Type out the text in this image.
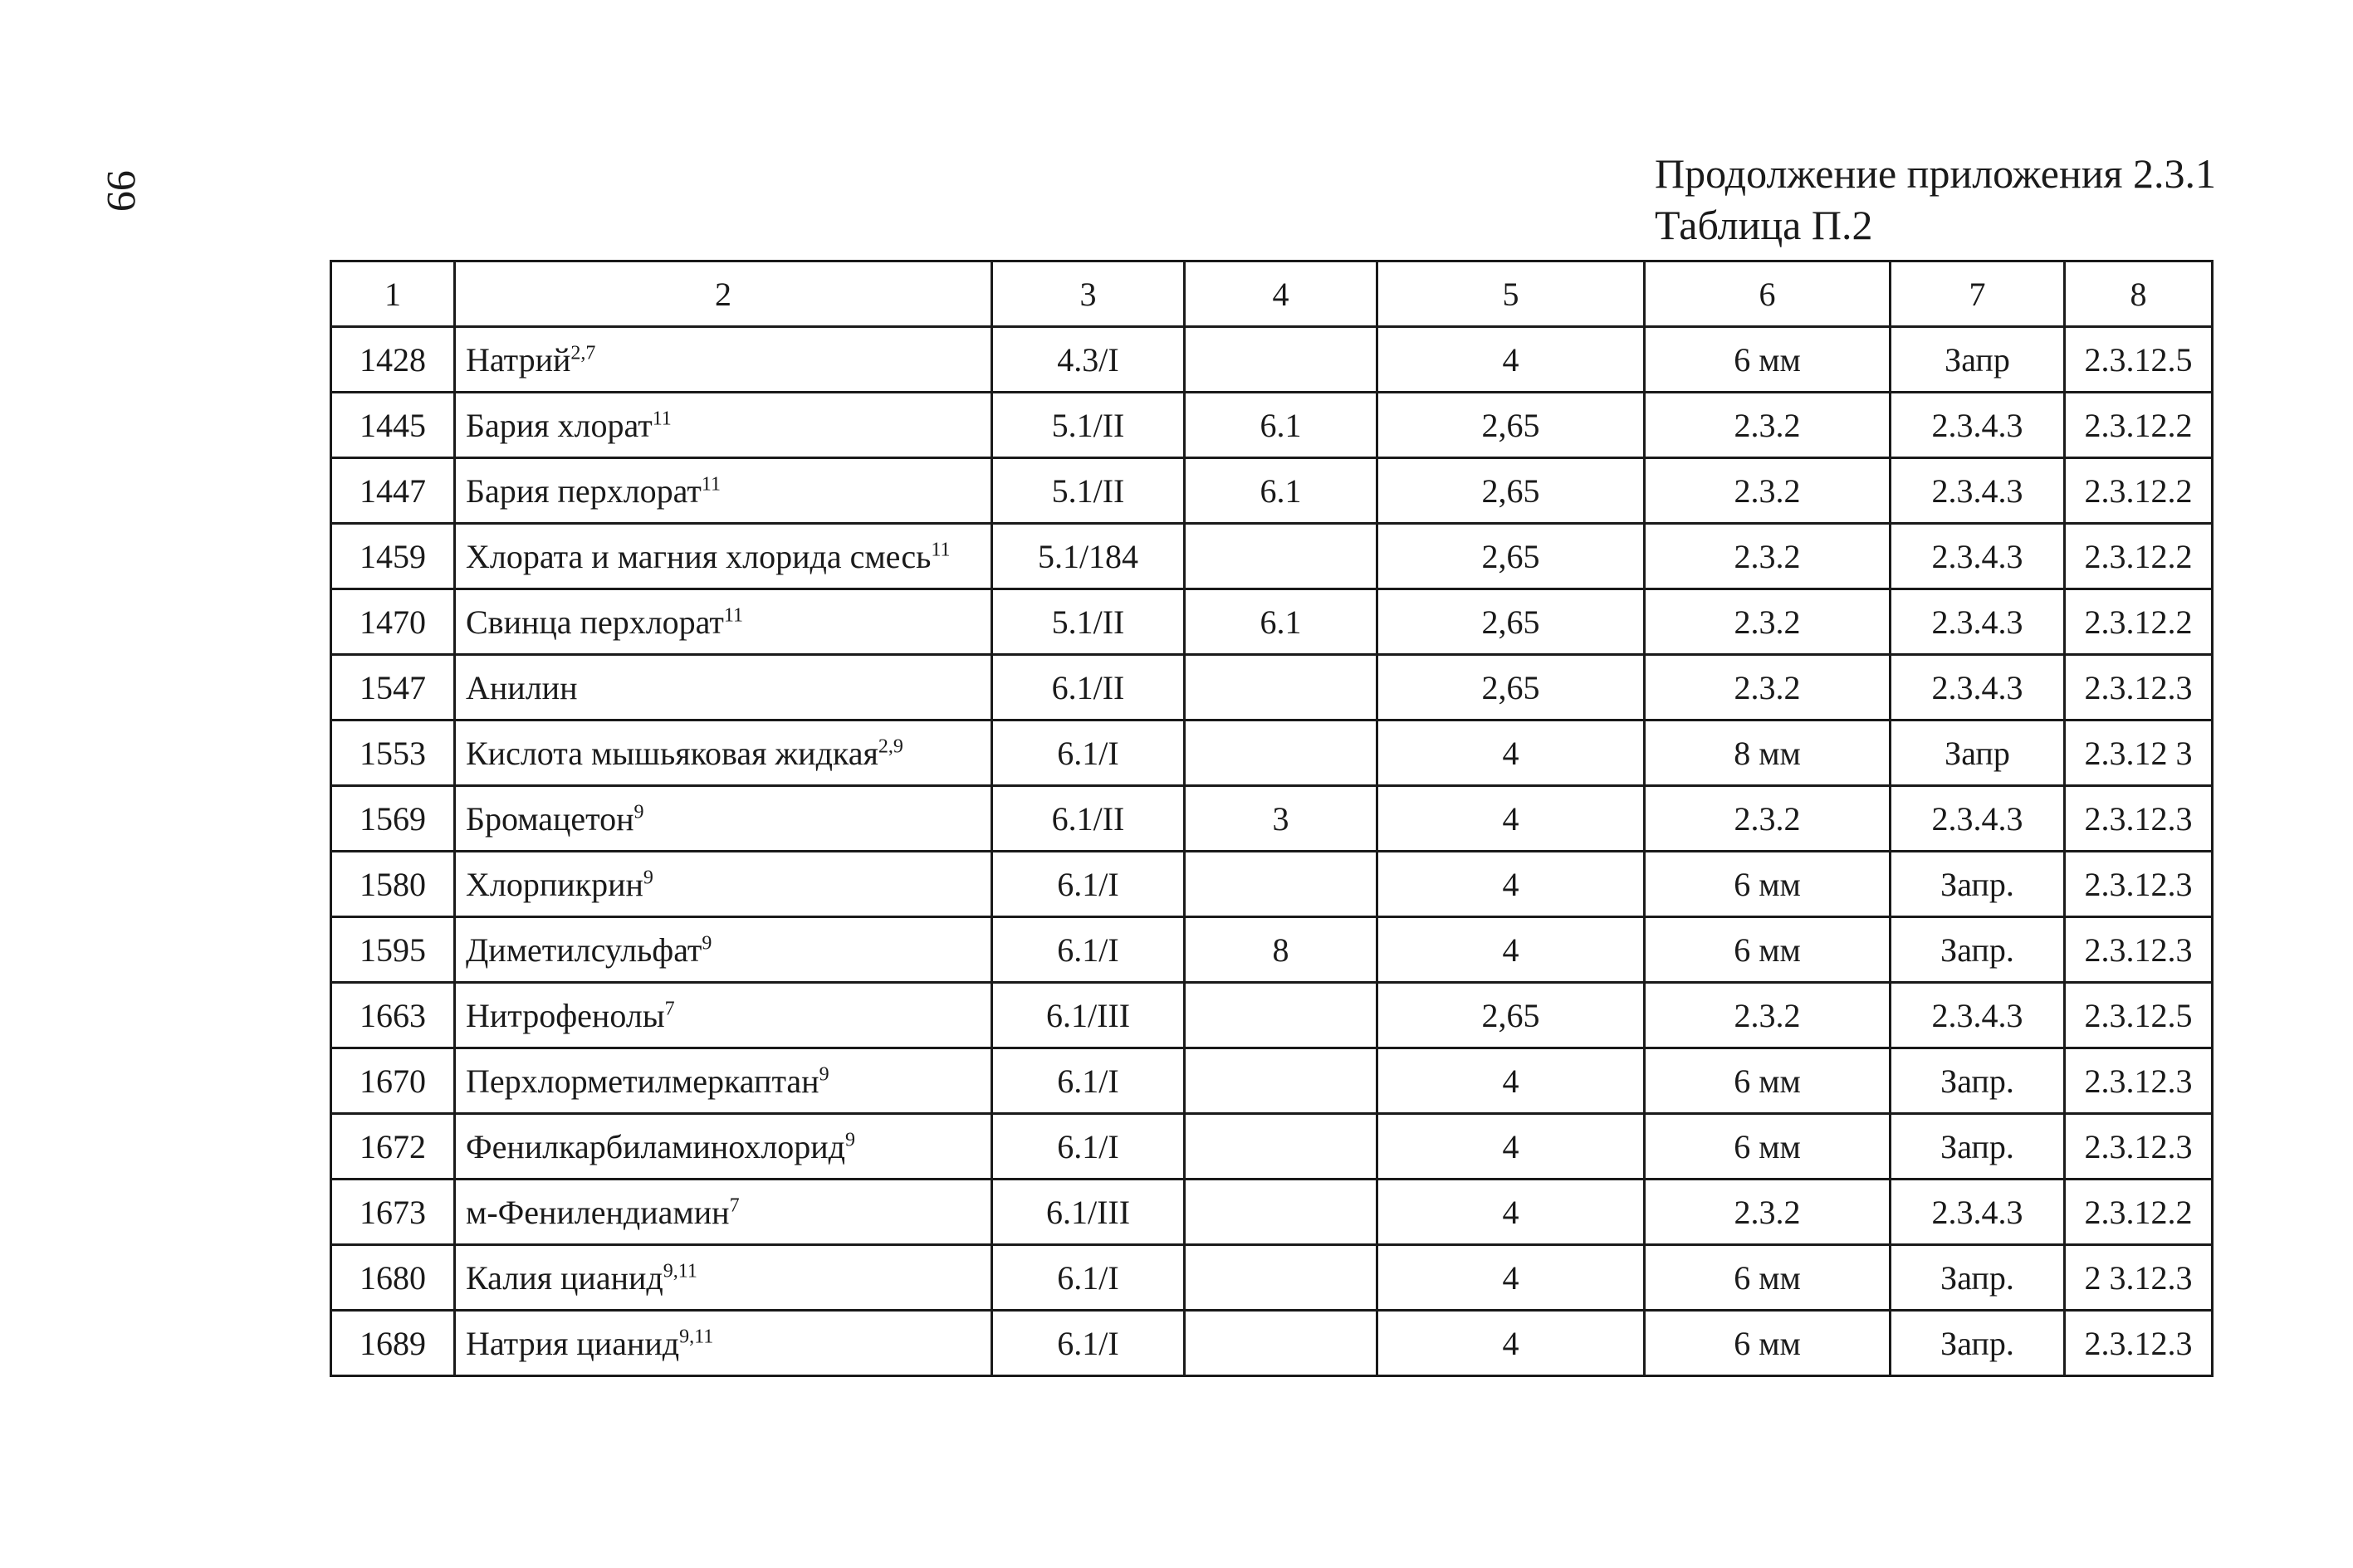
99	Продолжение приложения 2.3.1
Таблица П.2
1	2	3	4	5	6	7	8
1428	Натрий$^{2,7}$	4.3/I		4	6 мм	Запр	2.3.12.5
1445	Бария хлорат$^{11}$	5.1/II	6.1	2,65	2.3.2	2.3.4.3	2.3.12.2
1447	Бария перхлорат$^{11}$	5.1/II	6.1	2,65	2.3.2	2.3.4.3	2.3.12.2
1459	Хлората и магния хлорида смесь$^{11}$	5.1/184		2,65	2.3.2	2.3.4.3	2.3.12.2
1470	Свинца перхлорат$^{11}$	5.1/II	6.1	2,65	2.3.2	2.3.4.3	2.3.12.2
1547	Анилин	6.1/II		2,65	2.3.2	2.3.4.3	2.3.12.3
1553	Кислота мышьяковая жидкая$^{2,9}$	6.1/I		4	8 мм	Запр	2.3.12 3
1569	Бромацетон$^9$	6.1/II	3	4	2.3.2	2.3.4.3	2.3.12.3
1580	Хлорпикрин$^9$	6.1/I		4	6 мм	Запр.	2.3.12.3
1595	Диметилсульфат$^9$	6.1/I	8	4	6 мм	Запр.	2.3.12.3
1663	Нитрофенолы$^7$	6.1/III		2,65	2.3.2	2.3.4.3	2.3.12.5
1670	Перхлорметилмеркаптан$^9$	6.1/I		4	6 мм	Запр.	2.3.12.3
1672	Фенилкарбиламинохлорид$^9$	6.1/I		4	6 мм	Запр.	2.3.12.3
1673	м-Фенилендиамин$^7$	6.1/III		4	2.3.2	2.3.4.3	2.3.12.2
1680	Калия цианид$^{9,11}$	6.1/I		4	6 мм	Запр.	2 3.12.3
1689	Натрия цианид$^{9,11}$	6.1/I		4	6 мм	Запр.	2.3.12.3
